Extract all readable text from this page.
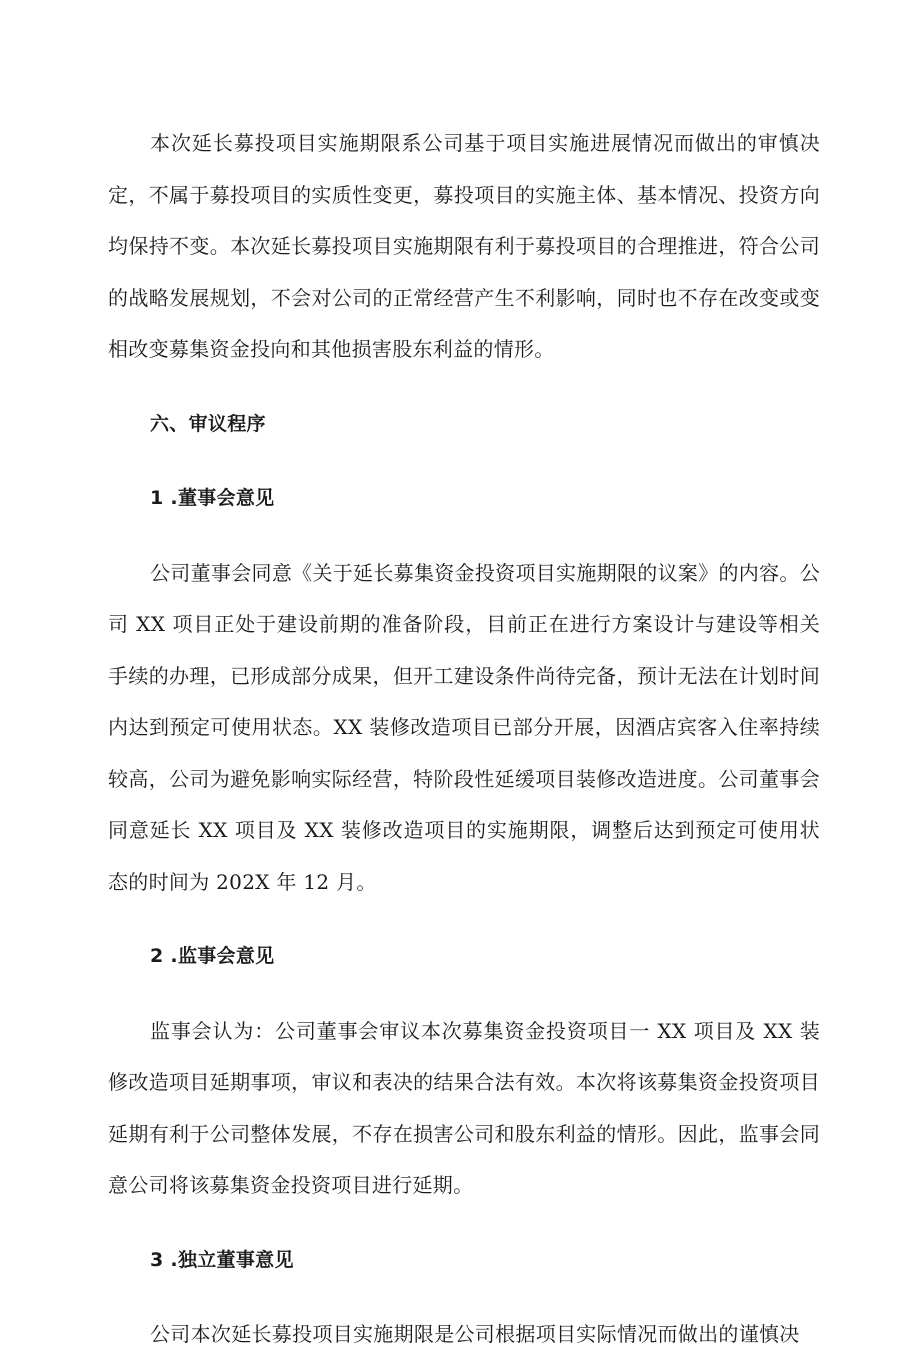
本次延长募投项目实施期限系公司基于项目实施进展情况而做出的审慎决定，不属于募投项目的实质性变更，募投项目的实施主体、基本情况、投资方向均保持不变。本次延长募投项目实施期限有利于募投项目的合理推进，符合公司的战略发展规划，不会对公司的正常经营产生不利影响，同时也不存在改变或变相改变募集资金投向和其他损害股东利益的情形。

六、审议程序

1 .董事会意见

公司董事会同意《关于延长募集资金投资项目实施期限的议案》的内容。公司 XX 项目正处于建设前期的准备阶段，目前正在进行方案设计与建设等相关手续的办理，已形成部分成果，但开工建设条件尚待完备，预计无法在计划时间内达到预定可使用状态。XX 装修改造项目已部分开展，因酒店宾客入住率持续较高，公司为避免影响实际经营，特阶段性延缓项目装修改造进度。公司董事会同意延长 XX 项目及 XX 装修改造项目的实施期限，调整后达到预定可使用状态的时间为 202X 年 12 月。

2 .监事会意见

监事会认为：公司董事会审议本次募集资金投资项目一 XX 项目及 XX 装修改造项目延期事项，审议和表决的结果合法有效。本次将该募集资金投资项目延期有利于公司整体发展，不存在损害公司和股东利益的情形。因此，监事会同意公司将该募集资金投资项目进行延期。

3 .独立董事意见

公司本次延长募投项目实施期限是公司根据项目实际情况而做出的谨慎决
